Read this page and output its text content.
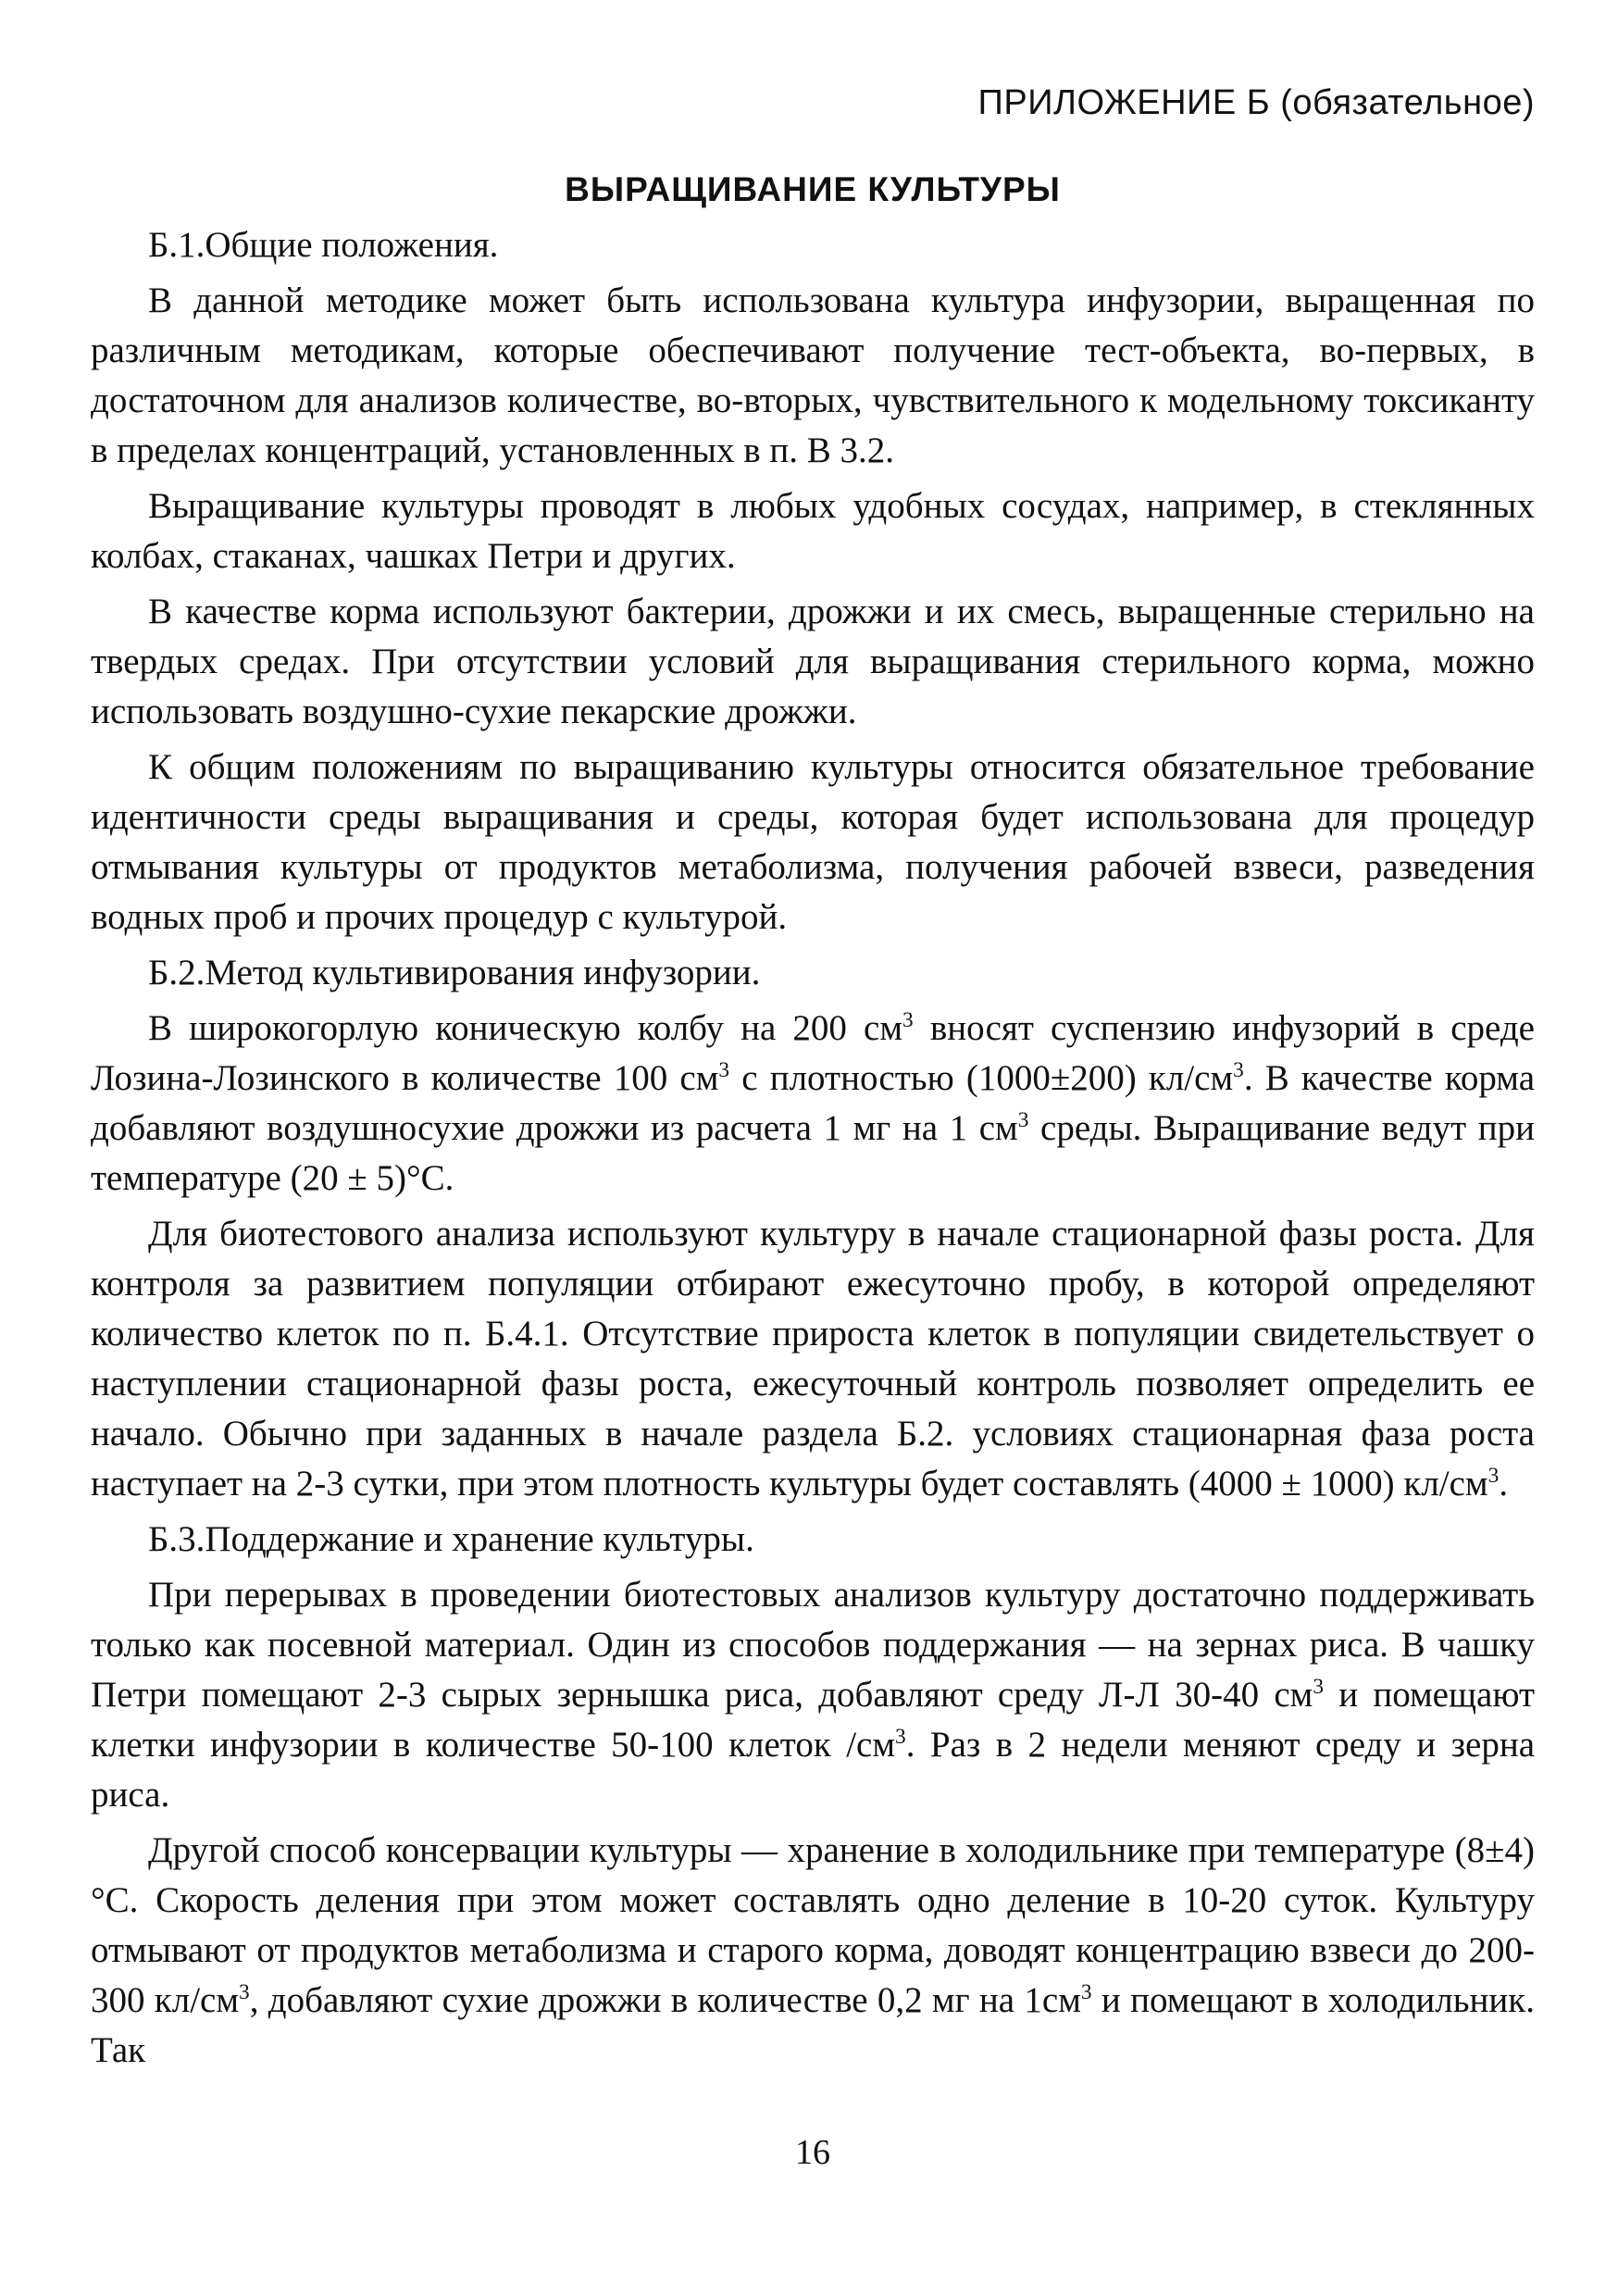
ПРИЛОЖЕНИЕ Б (обязательное)
ВЫРАЩИВАНИЕ КУЛЬТУРЫ

Б.1.Общие положения.

В данной методике может быть использована культура инфузории, выращенная по различным методикам, которые обеспечивают получение тест-объекта, во-первых, в достаточном для анализов количестве, во-вторых, чувствительного к модельному токсиканту в пределах концентраций, установленных в п. В 3.2.

Выращивание культуры проводят в любых удобных сосудах, например, в стеклянных колбах, стаканах, чашках Петри и других.

В качестве корма используют бактерии, дрожжи и их смесь, выращенные стерильно на твердых средах. При отсутствии условий для выращивания стерильного корма, можно использовать воздушно-сухие пекарские дрожжи.

К общим положениям по выращиванию культуры относится обязательное требование идентичности среды выращивания и среды, которая будет использована для процедур отмывания культуры от продуктов метаболизма, получения рабочей взвеси, разведения водных проб и прочих процедур с культурой.

Б.2.Метод культивирования инфузории.

В широкогорлую коническую колбу на 200 $см^3$ вносят суспензию инфузорий в среде Лозина-Лозинского в количестве 100 $см^3$ с плотностью (1000±200) $кл/см^3$. В качестве корма добавляют воздушносухие дрожжи из расчета 1 мг на 1 $см^3$ среды. Выращивание ведут при температуре (20 ± 5)°С.

Для биотестового анализа используют культуру в начале стационарной фазы роста. Для контроля за развитием популяции отбирают ежесуточно пробу, в которой определяют количество клеток по п. Б.4.1. Отсутствие прироста клеток в популяции свидетельствует о наступлении стационарной фазы роста, ежесуточный контроль позволяет определить ее начало. Обычно при заданных в начале раздела Б.2. условиях стационарная фаза роста наступает на 2-3 сутки, при этом плотность культуры будет составлять (4000 ± 1000) $кл/см^3$.

Б.3.Поддержание и хранение культуры.

При перерывах в проведении биотестовых анализов культуру достаточно поддерживать только как посевной материал. Один из способов поддержания — на зернах риса. В чашку Петри помещают 2-3 сырых зернышка риса, добавляют среду Л-Л 30-40 $см^3$ и помещают клетки инфузории в количестве 50-100 клеток $/см^3$. Раз в 2 недели меняют среду и зерна риса.

Другой способ консервации культуры — хранение в холодильнике при температуре (8±4)°С. Скорость деления при этом может составлять одно деление в 10-20 суток. Культуру отмывают от продуктов метаболизма и старого корма, доводят концентрацию взвеси до 200-300 $кл/см^3$, добавляют сухие дрожжи в количестве 0,2 мг на $1см^3$ и помещают в холодильник. Так

16
